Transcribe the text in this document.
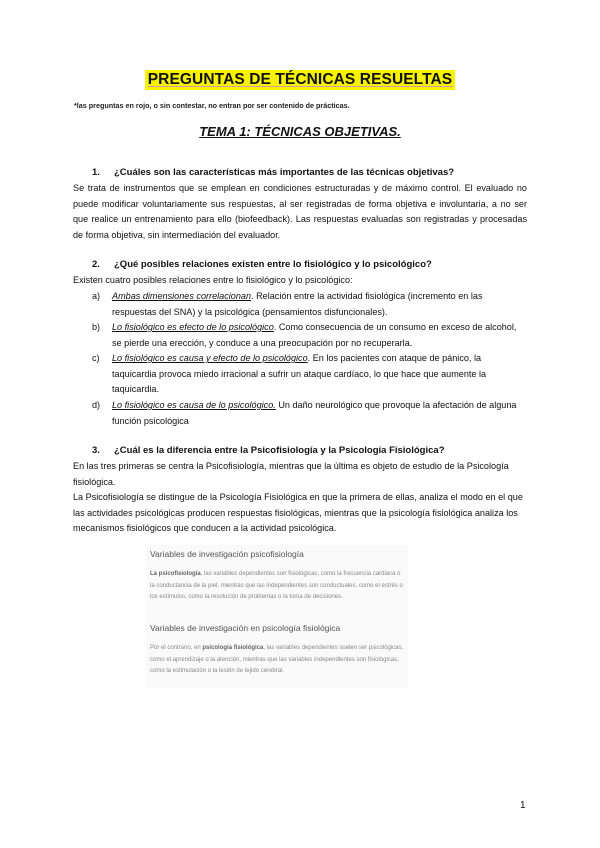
PREGUNTAS DE TÉCNICAS RESUELTAS
*las preguntas en rojo, o sin contestar, no entran por ser contenido de prácticas.
TEMA 1: TÉCNICAS OBJETIVAS.
1. ¿Cuáles son las características más importantes de las técnicas objetivas?
Se trata de instrumentos que se emplean en condiciones estructuradas y de máximo control. El evaluado no puede modificar voluntariamente sus respuestas, al ser registradas de forma objetiva e involuntaria, a no ser que realice un entrenamiento para ello (biofeedback). Las respuestas evaluadas son registradas y procesadas de forma objetiva, sin intermediación del evaluador.
2. ¿Qué posibles relaciones existen entre lo fisiológico y lo psicológico?
Existen cuatro posibles relaciones entre lo fisiológico y lo psicológico:
a) Ambas dimensiones correlacionan. Relación entre la actividad fisiológica (incremento en las respuestas del SNA) y la psicológica (pensamientos disfuncionales).
b) Lo fisiológico es efecto de lo psicológico. Como consecuencia de un consumo en exceso de alcohol, se pierde una erección, y conduce a una preocupación por no recuperarla.
c) Lo fisiológico es causa y efecto de lo psicológico. En los pacientes con ataque de pánico, la taquicardia provoca miedo irracional a sufrir un ataque cardíaco, lo que hace que aumente la taquicardia.
d) Lo fisiológico es causa de lo psicológico. Un daño neurológico que provoque la afectación de alguna función psicológica
3. ¿Cuál es la diferencia entre la Psicofisiología y la Psicología Fisiológica?
En las tres primeras se centra la Psicofisiología, mientras que la última es objeto de estudio de la Psicología fisiológica.
La Psicofisiología se distingue de la Psicología Fisiológica en que la primera de ellas, analiza el modo en el que las actividades psicológicas producen respuestas fisiológicas, mientras que la psicología fisiológica analiza los mecanismos fisiológicos que conducen a la actividad psicológica.
Variables de investigación psicofisiología
La psicofisiología, las variables dependientes son fisiológicas, como la frecuencia cardiaca o la conductancia de la piel, mientras que las independientes son conductuales, como el estrés o los estímulos, como la resolución de problemas o la toma de decisiones.
Variables de investigación en psicología fisiológica
Por el contrario, en psicología fisiológica, las variables dependientes suelen ser psicológicas, como el aprendizaje o la atención, mientras que las variables independientes son fisiológicas, como la estimulación o la lesión de tejido cerebral.
1
